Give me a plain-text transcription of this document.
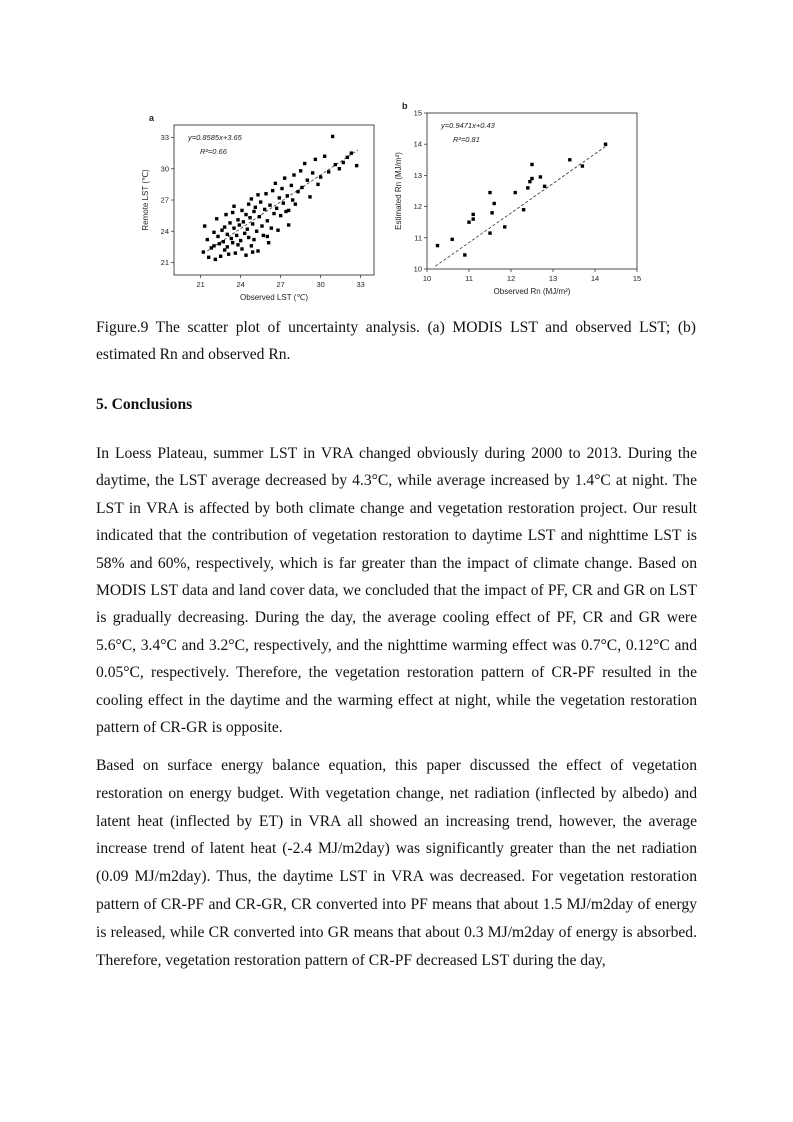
a
21	24	27	30	33
21
24
27
30
33
Observed LST (℃)
Remote LST (℃)
y=0.8585x+3.65
R²=0.66
b
10	11	12	13	14	15
10
11
12
13
14
15
Observed Rn (MJ/m²)
Estimated Rn (MJ/m²)
y=0.9471x+0.43
R²=0.81
Figure.9 The scatter plot of uncertainty analysis. (a) MODIS LST and observed LST; (b) estimated Rn and observed Rn.
5. Conclusions

In Loess Plateau, summer LST in VRA changed obviously during 2000 to 2013. During the daytime, the LST average decreased by 4.3°C, while average increased by 1.4°C at night. The LST in VRA is affected by both climate change and vegetation restoration project. Our result indicated that the contribution of vegetation restoration to daytime LST and nighttime LST is 58% and 60%, respectively, which is far greater than the impact of climate change. Based on MODIS LST data and land cover data, we concluded that the impact of PF, CR and GR on LST is gradually decreasing. During the day, the average cooling effect of PF, CR and GR were 5.6°C, 3.4°C and 3.2°C, respectively, and the nighttime warming effect was 0.7°C, 0.12°C and 0.05°C, respectively. Therefore, the vegetation restoration pattern of CR-PF resulted in the cooling effect in the daytime and the warming effect at night, while the vegetation restoration pattern of CR-GR is opposite.

Based on surface energy balance equation, this paper discussed the effect of vegetation restoration on energy budget. With vegetation change, net radiation (inflected by albedo) and latent heat (inflected by ET) in VRA all showed an increasing trend, however, the average increase trend of latent heat (-2.4 MJ/m2day) was significantly greater than the net radiation (0.09 MJ/m2day). Thus, the daytime LST in VRA was decreased. For vegetation restoration pattern of CR-PF and CR-GR, CR converted into PF means that about 1.5 MJ/m2day of energy is released, while CR converted into GR means that about 0.3 MJ/m2day of energy is absorbed. Therefore, vegetation restoration pattern of CR-PF decreased LST during the day,
